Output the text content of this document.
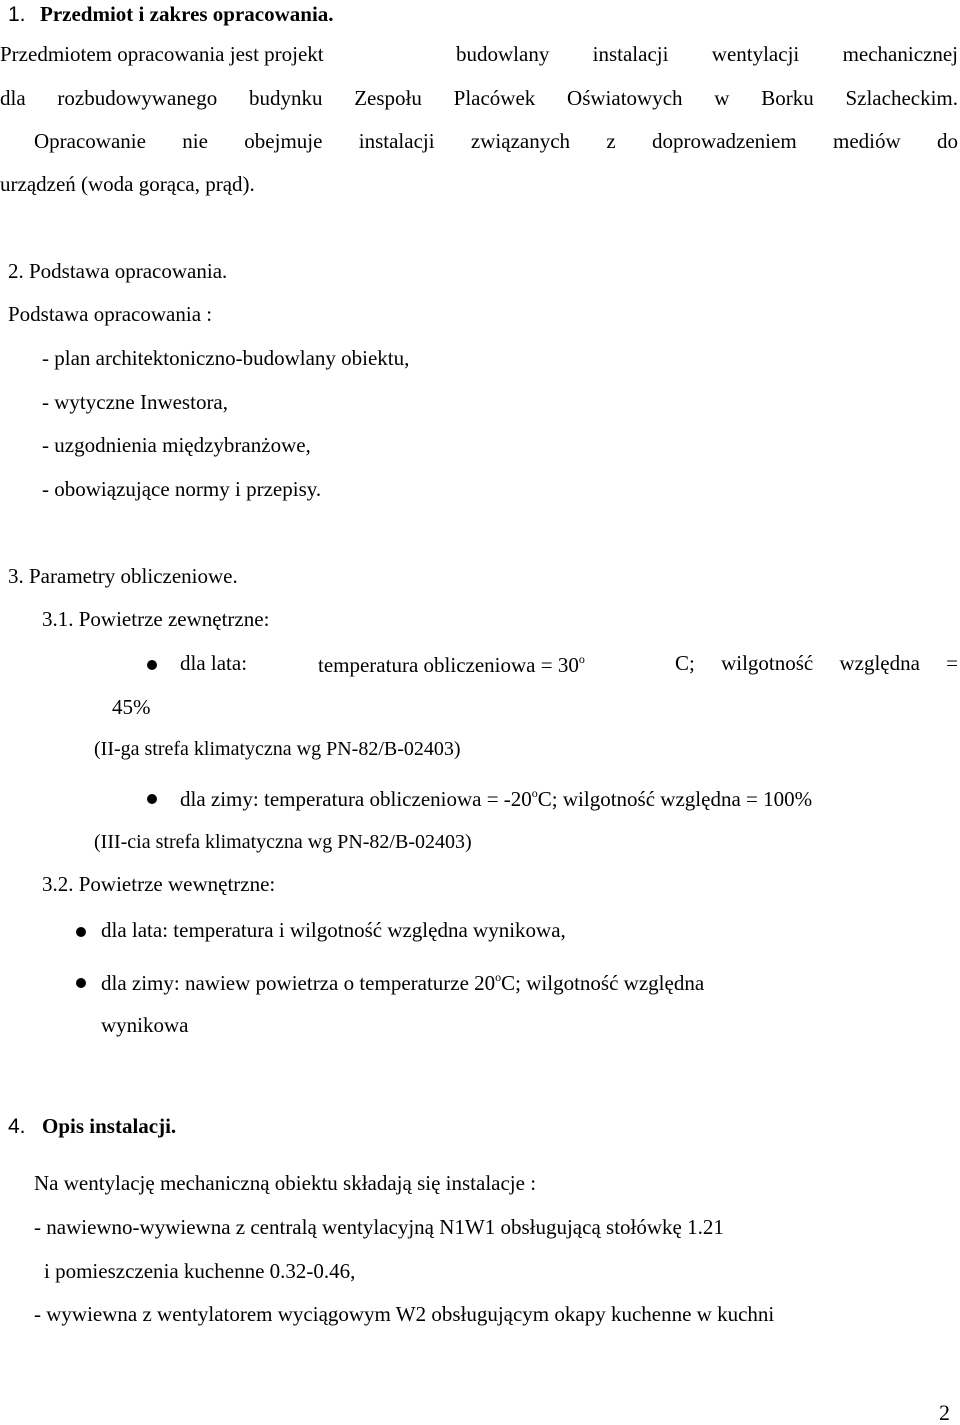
1. Przedmiot i zakres opracowania.
Przedmiotem opracowania jest projekt	budowlany instalacji wentylacji mechanicznej
dla rozbudowywanego budynku Zespołu Placówek Oświatowych w Borku Szlacheckim.
Opracowanie nie obejmuje instalacji związanych z doprowadzeniem mediów do
urządzeń (woda gorąca, prąd).
2. Podstawa opracowania.
Podstawa opracowania :
- plan architektoniczno-budowlany obiektu,
- wytyczne Inwestora,
- uzgodnienia międzybranżowe,
- obowiązujące normy i przepisy.
3. Parametry obliczeniowe.
3.1. Powietrze zewnętrzne:
dla lata:	temperatura obliczeniowa = $30^o$	C; wilgotność względna =
45%
(II-ga strefa klimatyczna wg PN-82/B-02403)
dla zimy: temperatura obliczeniowa = $-20^oC$; wilgotność względna = 100%
(III-cia strefa klimatyczna wg PN-82/B-02403)
3.2. Powietrze wewnętrzne:
dla lata: temperatura i wilgotność względna wynikowa,
dla zimy: nawiew powietrza o temperaturze 20$^o$C; wilgotność względna
wynikowa
4. Opis instalacji.
Na wentylację mechaniczną obiektu składają się instalacje :
- nawiewno-wywiewna z centralą wentylacyjną N1W1 obsługującą stołówkę 1.21
i pomieszczenia kuchenne 0.32-0.46,
- wywiewna z wentylatorem wyciągowym W2 obsługującym okapy kuchenne w kuchni
2
